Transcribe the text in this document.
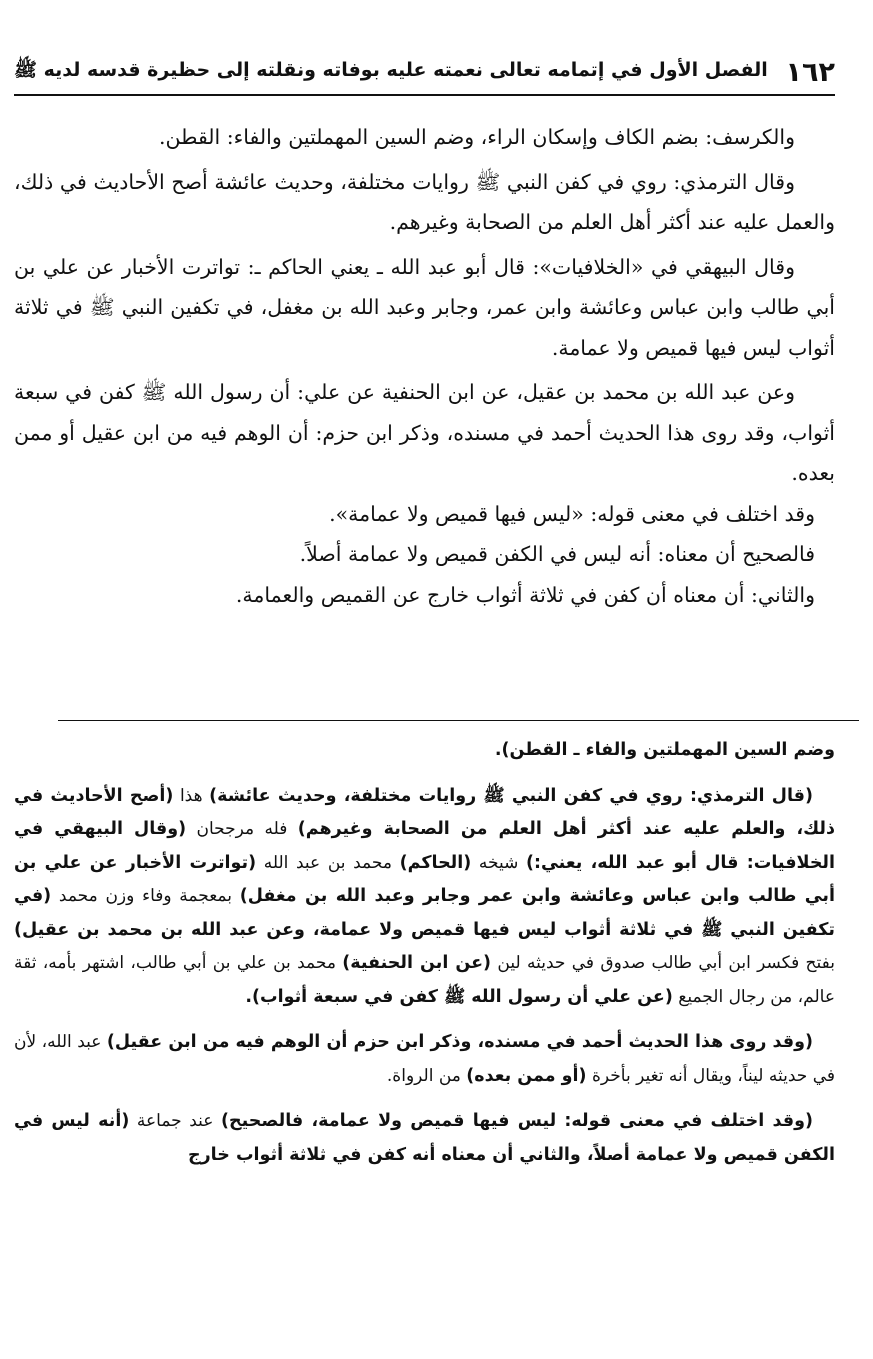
١٦٢
الفصل الأول في إتمامه تعالى نعمته عليه بوفاته ونقلته إلى حظيرة قدسه لديه ﷺ

والكرسف: بضم الكاف وإسكان الراء، وضم السين المهملتين والفاء: القطن.

وقال الترمذي: روي في كفن النبي ﷺ روايات مختلفة، وحديث عائشة أصح الأحاديث في ذلك، والعمل عليه عند أكثر أهل العلم من الصحابة وغيرهم.

وقال البيهقي في «الخلافيات»: قال أبو عبد الله ـ يعني الحاكم ـ: تواترت الأخبار عن علي بن أبي طالب وابن عباس وعائشة وابن عمر، وجابر وعبد الله بن مغفل، في تكفين النبي ﷺ في ثلاثة أثواب ليس فيها قميص ولا عمامة.

وعن عبد الله بن محمد بن عقيل، عن ابن الحنفية عن علي: أن رسول الله ﷺ كفن في سبعة أثواب، وقد روى هذا الحديث أحمد في مسنده، وذكر ابن حزم: أن الوهم فيه من ابن عقيل أو ممن بعده.

وقد اختلف في معنى قوله: «ليس فيها قميص ولا عمامة».

فالصحيح أن معناه: أنه ليس في الكفن قميص ولا عمامة أصلاً.

والثاني: أن معناه أن كفن في ثلاثة أثواب خارج عن القميص والعمامة.

وضم السين المهملتين والفاء ـ القطن).

(قال الترمذي: روي في كفن النبي ﷺ روايات مختلفة، وحديث عائشة) هذا (أصح الأحاديث في ذلك، والعلم عليه عند أكثر أهل العلم من الصحابة وغيرهم) فله مرجحان (وقال البيهقي في الخلافيات: قال أبو عبد الله، يعني:) شيخه (الحاكم) محمد بن عبد الله (تواترت الأخبار عن علي بن أبي طالب وابن عباس وعائشة وابن عمر وجابر وعبد الله بن مغفل) بمعجمة وفاء وزن محمد (في تكفين النبي ﷺ في ثلاثة أثواب ليس فيها قميص ولا عمامة، وعن عبد الله بن محمد بن عقيل) بفتح فكسر ابن أبي طالب صدوق في حديثه لين (عن ابن الحنفية) محمد بن علي بن أبي طالب، اشتهر بأمه، ثقة عالم، من رجال الجميع (عن علي أن رسول الله ﷺ كفن في سبعة أثواب).

(وقد روى هذا الحديث أحمد في مسنده، وذكر ابن حزم أن الوهم فيه من ابن عقيل) عبد الله، لأن في حديثه ليناً، ويقال أنه تغير بأخرة (أو ممن بعده) من الرواة.

(وقد اختلف في معنى قوله: ليس فيها قميص ولا عمامة، فالصحيح) عند جماعة (أنه ليس في الكفن قميص ولا عمامة أصلاً، والثاني أن معناه أنه كفن في ثلاثة أثواب خارج
